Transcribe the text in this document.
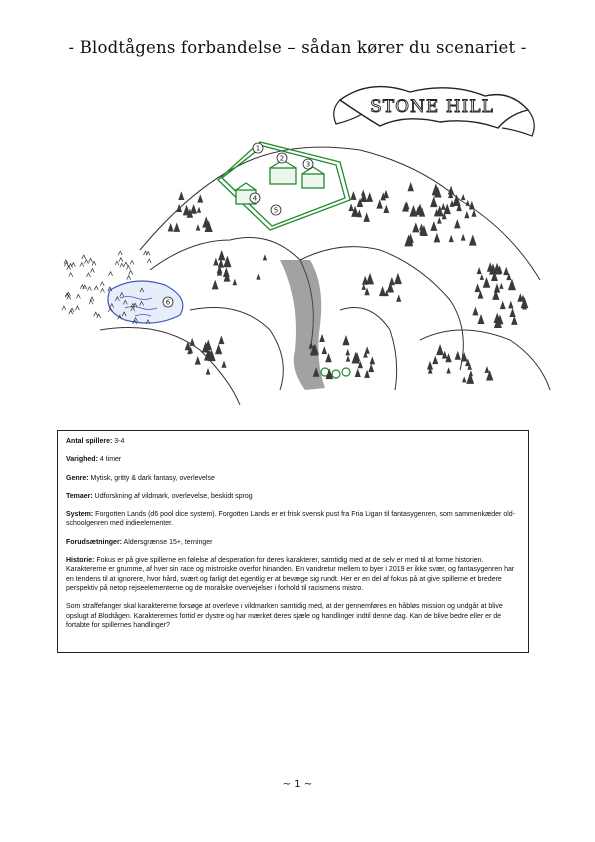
- Blodtågens forbandelse – sådan kører du scenariet -
STONE HILL
1
2
3
4
5
6

Antal spillere: 3-4

Varighed: 4 timer

Genre: Mytisk, gritty & dark fantasy, overlevelse

Temaer: Udforskning af vildmark, overlevelse, beskidt sprog

System: Forgotten Lands (d6 pool dice system). Forgotten Lands er et frisk svensk pust fra Fria Ligan til fantasygenren, som sammenkæder old-schoolgenren med indieelementer.

Forudsætninger: Aldersgrænse 15+, terninger

Historie: Fokus er på give spillerne en følelse af desperation for deres karakterer, samtidig med at de selv er med til at forme historien. Karaktererne er grumme, af hver sin race og mistroiske overfor hinanden. En vandretur mellem to byer i 2019 er ikke svær, og fantasygenren har en tendens til at ignorere, hvor hård, svært og farligt det egentlig er at bevæge sig rundt. Her er en del af fokus på at give spillerne et bredere perspektiv på netop rejseelementerne og de moralske overvejelser i forhold til racismens mistro.

Som straffefanger skal karaktererne forsøge at overleve i vildmarken samtidig med, at der gennemføres en håbløs mission og undgår at blive opslugt af Blodtågen. Karakterernes fortid er dystre og har mærket deres sjæle og handlinger indtil denne dag. Kan de blive bedre eller er de fortabte for spillernes handlinger?

~ 1 ~
